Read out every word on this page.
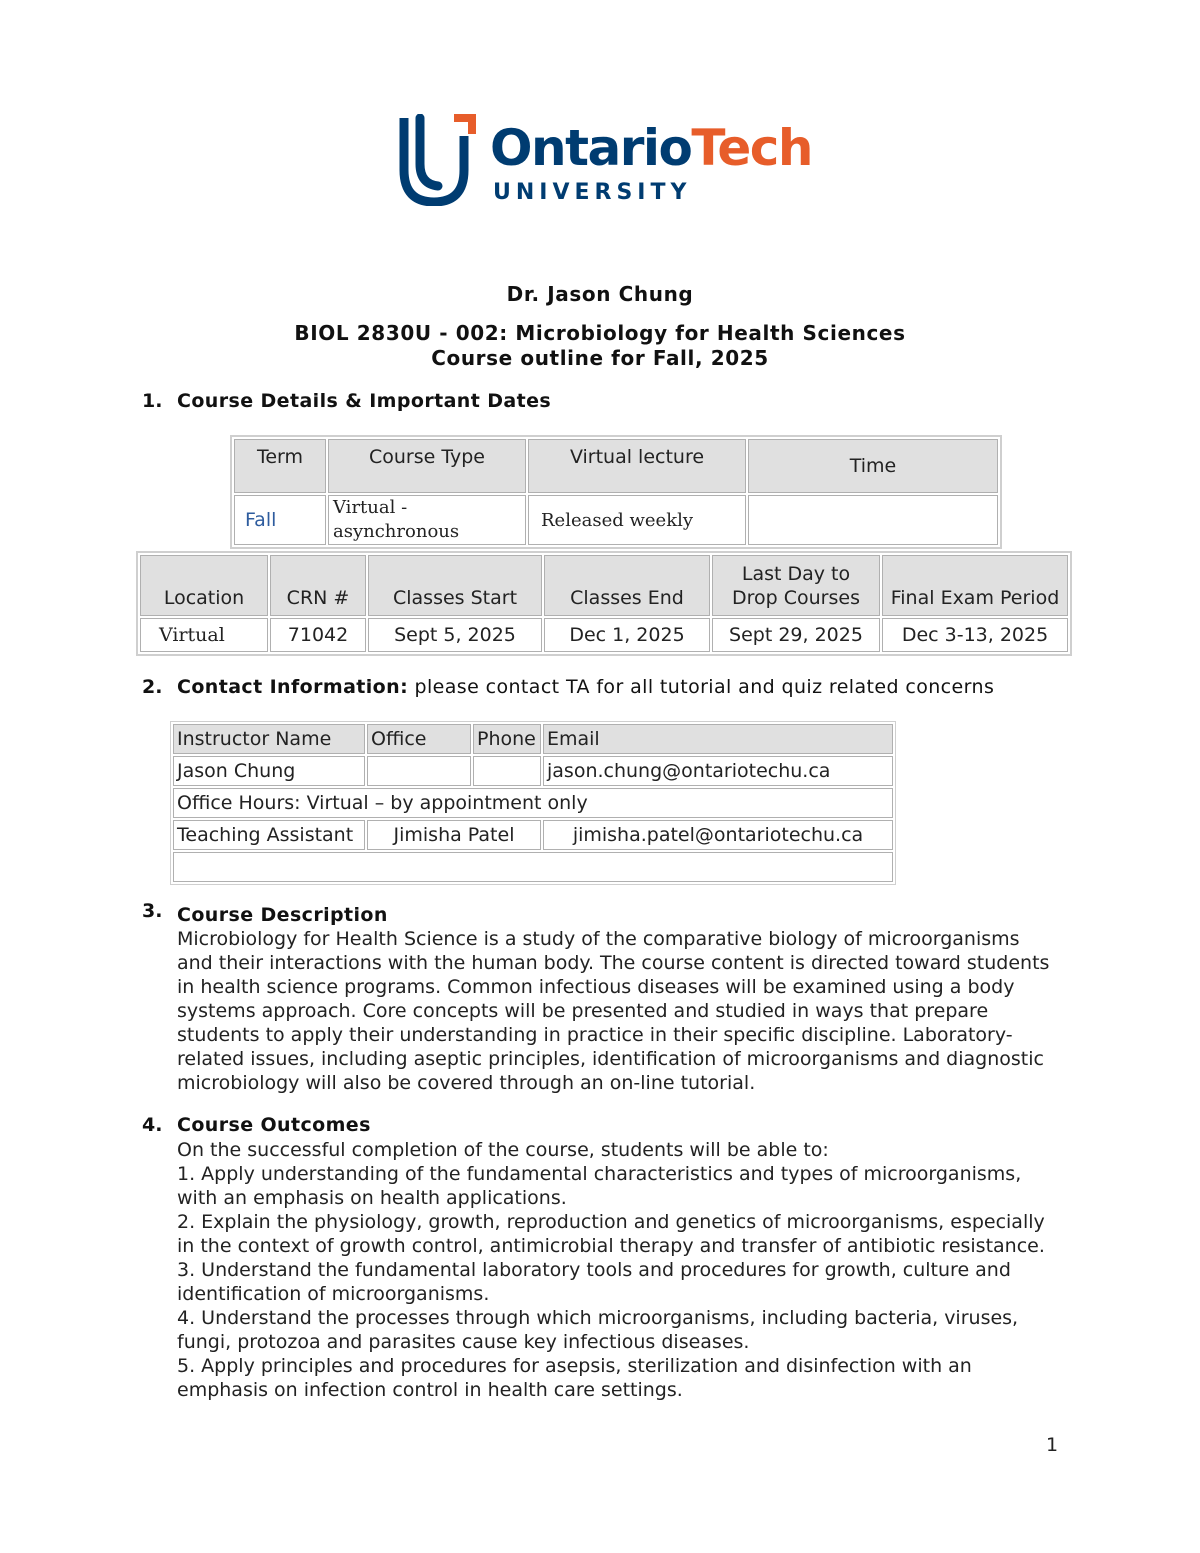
OntarioTech
UNIVERSITY
Dr. Jason Chung
BIOL 2830U - 002: Microbiology for Health Sciences
Course outline for Fall, 2025
1. Course Details & Important Dates
Term	Course Type	Virtual lecture	Time
Fall	Virtual - asynchronous	Released weekly	
Location	CRN #	Classes Start	Classes End	Last Day to Drop Courses	Final Exam Period
Virtual	71042	Sept 5, 2025	Dec 1, 2025	Sept 29, 2025	Dec 3-13, 2025
2. Contact Information: please contact TA for all tutorial and quiz related concerns
Instructor Name	Office	Phone	Email
Jason Chung			jason.chung@ontariotechu.ca
Office Hours: Virtual – by appointment only			
Teaching Assistant	Jimisha Patel		jimisha.patel@ontariotechu.ca

3. Course Description

Microbiology for Health Science is a study of the comparative biology of microorganisms and their interactions with the human body. The course content is directed toward students in health science programs. Common infectious diseases will be examined using a body systems approach. Core concepts will be presented and studied in ways that prepare students to apply their understanding in practice in their specific discipline. Laboratory-related issues, including aseptic principles, identification of microorganisms and diagnostic microbiology will also be covered through an on-line tutorial.

4. Course Outcomes
On the successful completion of the course, students will be able to:
1. Apply understanding of the fundamental characteristics and types of microorganisms, with an emphasis on health applications.
2. Explain the physiology, growth, reproduction and genetics of microorganisms, especially in the context of growth control, antimicrobial therapy and transfer of antibiotic resistance.
3. Understand the fundamental laboratory tools and procedures for growth, culture and identification of microorganisms.
4. Understand the processes through which microorganisms, including bacteria, viruses, fungi, protozoa and parasites cause key infectious diseases.
5. Apply principles and procedures for asepsis, sterilization and disinfection with an emphasis on infection control in health care settings.
1
